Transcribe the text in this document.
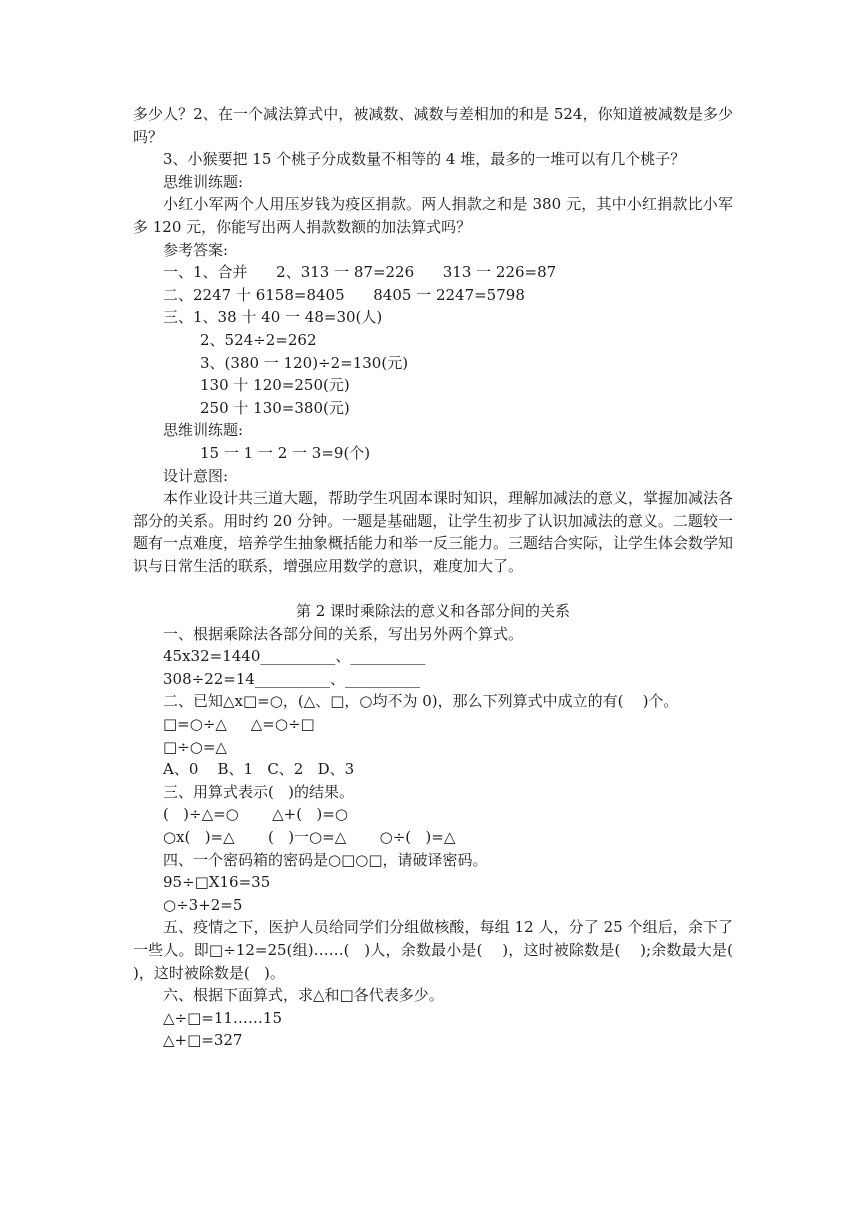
多少人？2、在一个减法算式中，被减数、减数与差相加的和是 524，你知道被减数是多少吗？

3、小猴要把 15 个桃子分成数量不相等的 4 堆，最多的一堆可以有几个桃子？

思维训练题:

小红小军两个人用压岁钱为疫区捐款。两人捐款之和是 380 元，其中小红捐款比小军多 120 元，你能写出两人捐款数额的加法算式吗？

参考答案:

一、1、合并      2、313 一 87=226      313 一 226=87

二、2247 十 6158=8405      8405 一 2247=5798

三、1、38 十 40 一 48=30(人)

2、524÷2=262

3、(380 一 120)÷2=130(元)

130 十 120=250(元)

250 十 130=380(元)

思维训练题:

15 一 1 一 2 一 3=9(个)

设计意图:

本作业设计共三道大题，帮助学生巩固本课时知识，理解加减法的意义，掌握加减法各部分的关系。用时约 20 分钟。一题是基础题，让学生初步了认识加减法的意义。二题较一题有一点难度，培养学生抽象概括能力和举一反三能力。三题结合实际，让学生体会数学知识与日常生活的联系，增强应用数学的意识，难度加大了。

第 2 课时乘除法的意义和各部分间的关系

一、根据乘除法各部分间的关系，写出另外两个算式。

45x32=1440__________、__________

308÷22=14__________、__________

二、已知△x□=○，(△、□，○均不为 0)，那么下列算式中成立的有(    )个。

□=○÷△     △=○÷□

□÷○=△

A、0    B、1   C、2   D、3

三、用算式表示(   )的结果。

(   )÷△=○       △+(   )=○

○x(   )=△       (   )一○=△       ○÷(   )=△

四、一个密码箱的密码是○□○□，请破译密码。

95÷□X16=35

○÷3+2=5

五、疫情之下，医护人员给同学们分组做核酸，每组 12 人，分了 25 个组后，余下了一些人。即□÷12=25(组)……(   )人，余数最小是(    )，这时被除数是(    );余数最大是(   )，这时被除数是(   )。

六、根据下面算式，求△和□各代表多少。

△÷□=11……15

△+□=327
